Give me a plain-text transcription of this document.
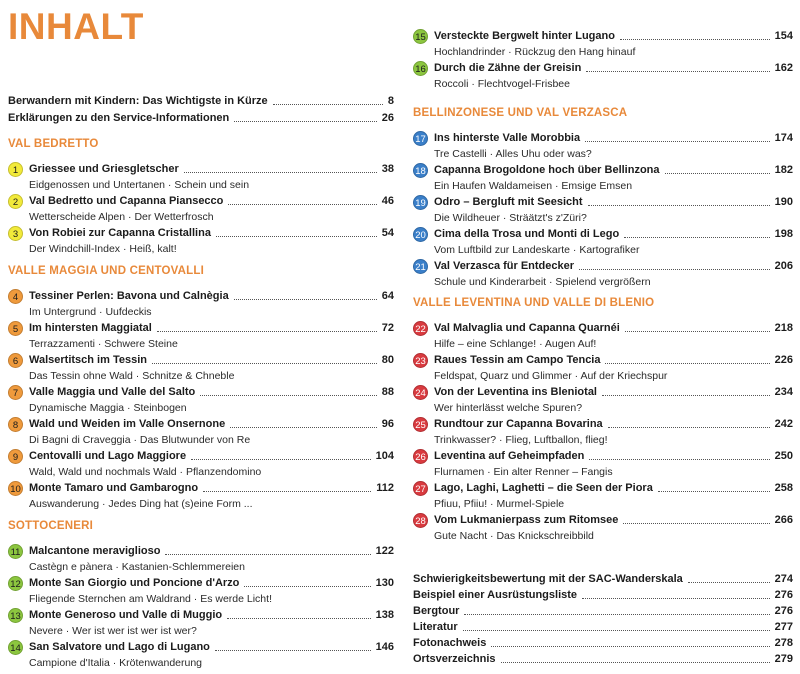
INHALT
Berwandern mit Kindern: Das Wichtigste in Kürze	8
Erklärungen zu den Service-Informationen	26
VAL BEDRETTO
1 Griessee und Griesgletscher	38
Eidgenossen und Untertanen · Schein und sein
2 Val Bedretto und Capanna Piansecco	46
Wetterscheide Alpen · Der Wetterfrosch
3 Von Robiei zur Capanna Cristallina	54
Der Windchill-Index · Heiß, kalt!
VALLE MAGGIA UND CENTOVALLI
4 Tessiner Perlen: Bavona und Calnègia	64
Im Untergrund · Uufdeckis
5 Im hintersten Maggiatal	72
Terrazzamenti · Schwere Steine
6 Walsertitsch im Tessin	80
Das Tessin ohne Wald · Schnitze & Chneble
7 Valle Maggia und Valle del Salto	88
Dynamische Maggia · Steinbogen
8 Wald und Weiden im Valle Onsernone	96
Di Bagni di Craveggia · Das Blutwunder von Re
9 Centovalli und Lago Maggiore	104
Wald, Wald und nochmals Wald · Pflanzendomino
10 Monte Tamaro und Gambarogno	112
Auswanderung · Jedes Ding hat (s)eine Form ...
SOTTOCENERI
11 Malcantone meraviglioso	122
Castègn e pànera · Kastanien-Schlemmereien
12 Monte San Giorgio und Poncione d'Arzo	130
Fliegende Sternchen am Waldrand · Es werde Licht!
13 Monte Generoso und Valle di Muggio	138
Nevere · Wer ist wer ist wer ist wer?
14 San Salvatore und Lago di Lugano	146
Campione d'Italia · Krötenwanderung
15 Versteckte Bergwelt hinter Lugano	154
Hochlandrinder · Rückzug den Hang hinauf
16 Durch die Zähne der Greisin	162
Roccoli · Flechtvogel-Frisbee
BELLINZONESE UND VAL VERZASCA
17 Ins hinterste Valle Morobbia	174
Tre Castelli · Alles Uhu oder was?
18 Capanna Brogoldone hoch über Bellinzona	182
Ein Haufen Waldameisen · Emsige Emsen
19 Odro – Bergluft mit Seesicht	190
Die Wildheuer · Sträätzt's z'Züri?
20 Cima della Trosa und Monti di Lego	198
Vom Luftbild zur Landeskarte · Kartografiker
21 Val Verzasca für Entdecker	206
Schule und Kinderarbeit · Spielend vergrößern
VALLE LEVENTINA UND VALLE DI BLENIO
22 Val Malvaglia und Capanna Quarnéi	218
Hilfe – eine Schlange! · Augen Auf!
23 Raues Tessin am Campo Tencia	226
Feldspat, Quarz und Glimmer · Auf der Kriechspur
24 Von der Leventina ins Bleniotal	234
Wer hinterlässt welche Spuren?
25 Rundtour zur Capanna Bovarina	242
Trinkwasser? · Flieg, Luftballon, flieg!
26 Leventina auf Geheimpfaden	250
Flurnamen · Ein alter Renner – Fangis
27 Lago, Laghi, Laghetti – die Seen der Piora	258
Pfiuu, Pfiiu! · Murmel-Spiele
28 Vom Lukmanierpass zum Ritomsee	266
Gute Nacht · Das Knickschreibbild
Schwierigkeitsbewertung mit der SAC-Wanderskala	274
Beispiel einer Ausrüstungsliste	276
Bergtour	276
Literatur	277
Fotonachweis	278
Ortsverzeichnis	279
